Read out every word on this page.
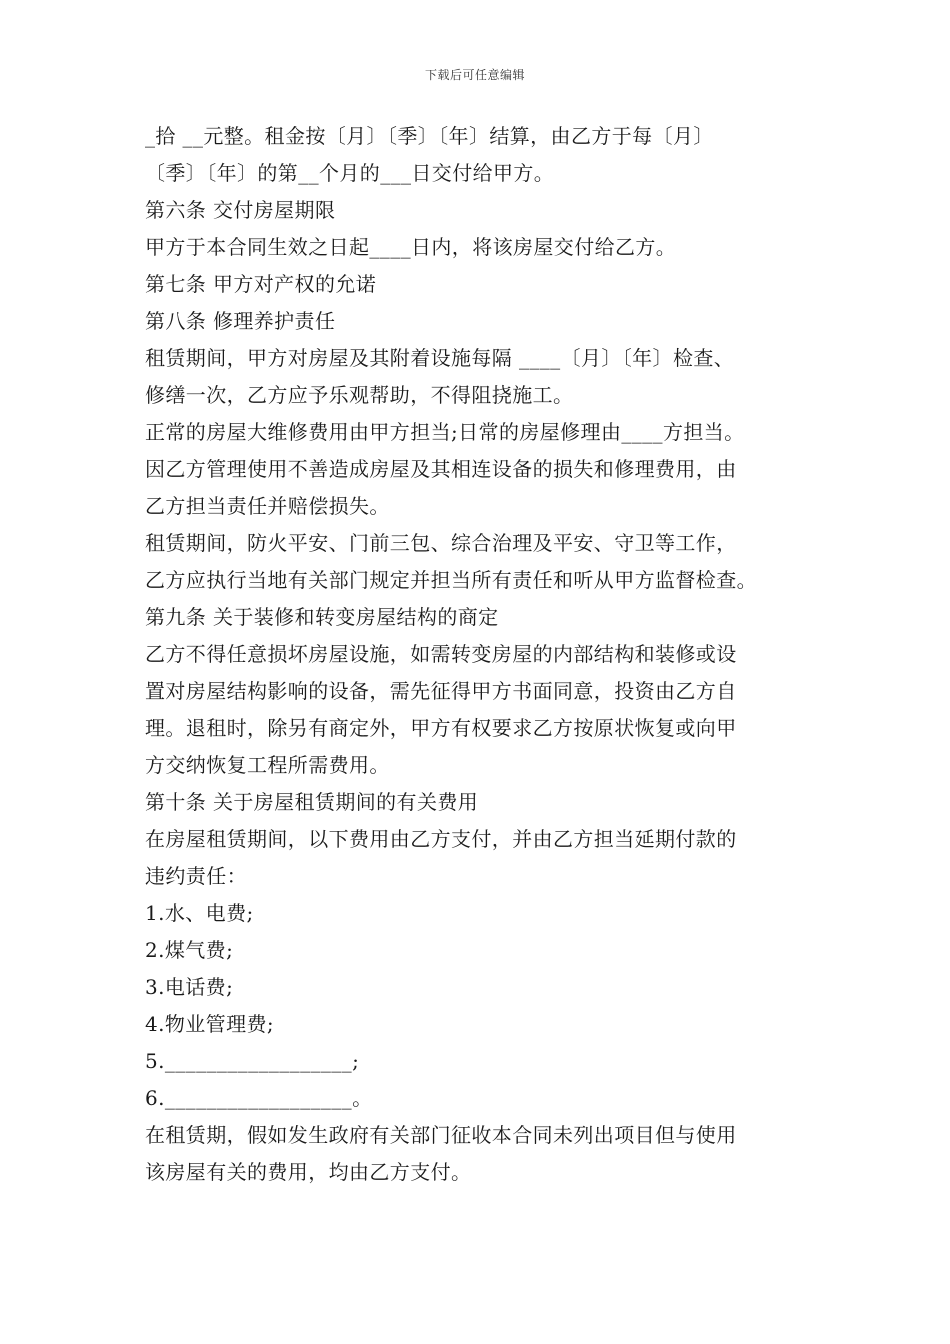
下载后可任意编辑
_拾 __元整。租金按〔月〕〔季〕〔年〕结算，由乙方于每〔月〕
〔季〕〔年〕的第__个月的___日交付给甲方。
第六条 交付房屋期限
甲方于本合同生效之日起____日内，将该房屋交付给乙方。
第七条 甲方对产权的允诺
第八条 修理养护责任
租赁期间，甲方对房屋及其附着设施每隔 ____〔月〕〔年〕检查、
修缮一次，乙方应予乐观帮助，不得阻挠施工。
正常的房屋大维修费用由甲方担当;日常的房屋修理由____方担当。
因乙方管理使用不善造成房屋及其相连设备的损失和修理费用，由
乙方担当责任并赔偿损失。
租赁期间，防火平安、门前三包、综合治理及平安、守卫等工作，
乙方应执行当地有关部门规定并担当所有责任和听从甲方监督检查。
第九条 关于装修和转变房屋结构的商定
乙方不得任意损坏房屋设施，如需转变房屋的内部结构和装修或设
置对房屋结构影响的设备，需先征得甲方书面同意，投资由乙方自
理。退租时，除另有商定外，甲方有权要求乙方按原状恢复或向甲
方交纳恢复工程所需费用。
第十条 关于房屋租赁期间的有关费用
在房屋租赁期间，以下费用由乙方支付，并由乙方担当延期付款的
违约责任：
1.水、电费;
2.煤气费;
3.电话费;
4.物业管理费;
5.__________________;
6.__________________。
在租赁期，假如发生政府有关部门征收本合同未列出项目但与使用
该房屋有关的费用，均由乙方支付。
